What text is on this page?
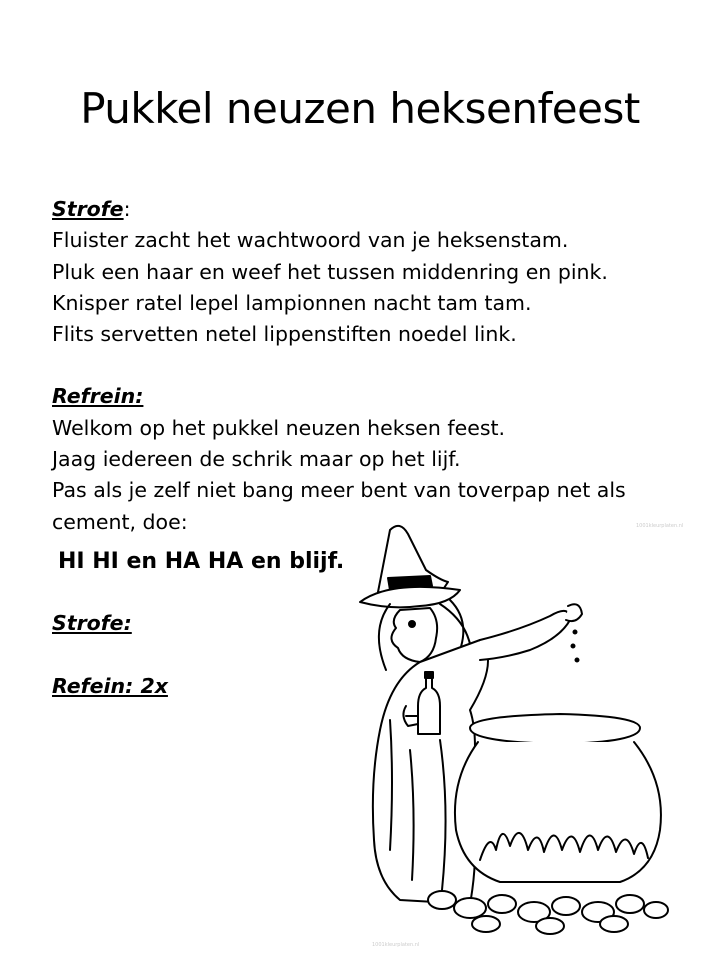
Pukkel neuzen heksenfeest
Strofe:
Fluister zacht het wachtwoord van je heksenstam.
Pluk een haar en weef het tussen middenring en pink.
Knisper ratel lepel lampionnen nacht tam tam.
Flits servetten netel lippenstiften noedel link.
Refrein:
Welkom op het pukkel neuzen heksen feest.
Jaag iedereen de schrik maar op het lijf.
Pas als je zelf niet bang meer bent van toverpap net als cement, doe:
HI HI en HA HA en blijf.
Strofe:
Refein: 2x
1001kleurplaten.nl
1001kleurplaten.nl
